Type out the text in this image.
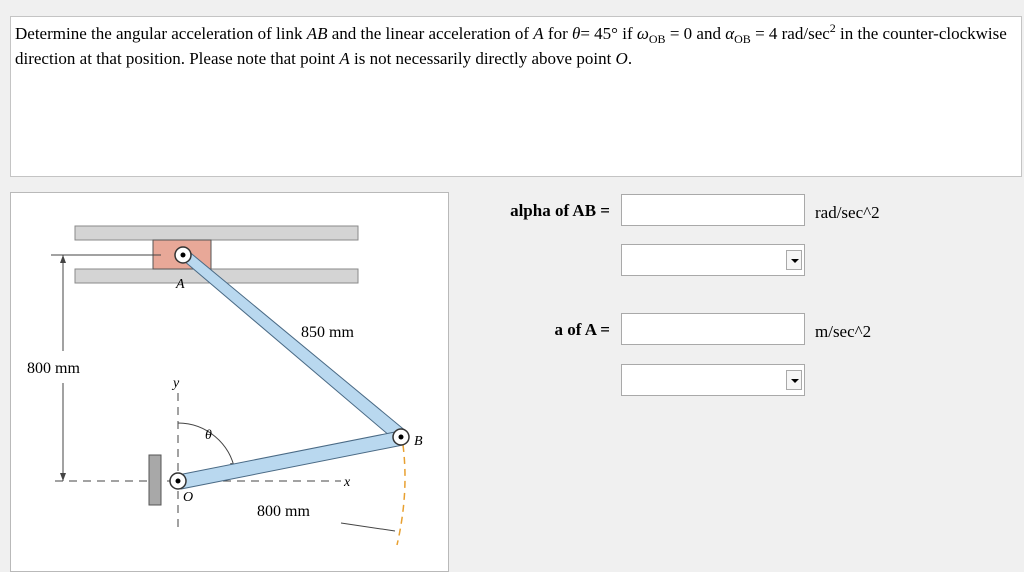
Determine the angular acceleration of link AB and the linear acceleration of A for θ= 45° if $\omega_{OB} = 0$ and $\alpha_{OB} = 4$ rad/$\sec^2$ in the counter-clockwise direction at that position. Please note that point A is not necessarily directly above point O.
800 mm
x
y
θ
800 mm
850 mm
A
B
O
alpha of AB =	rad/sec^2
a of A =	m/sec^2
